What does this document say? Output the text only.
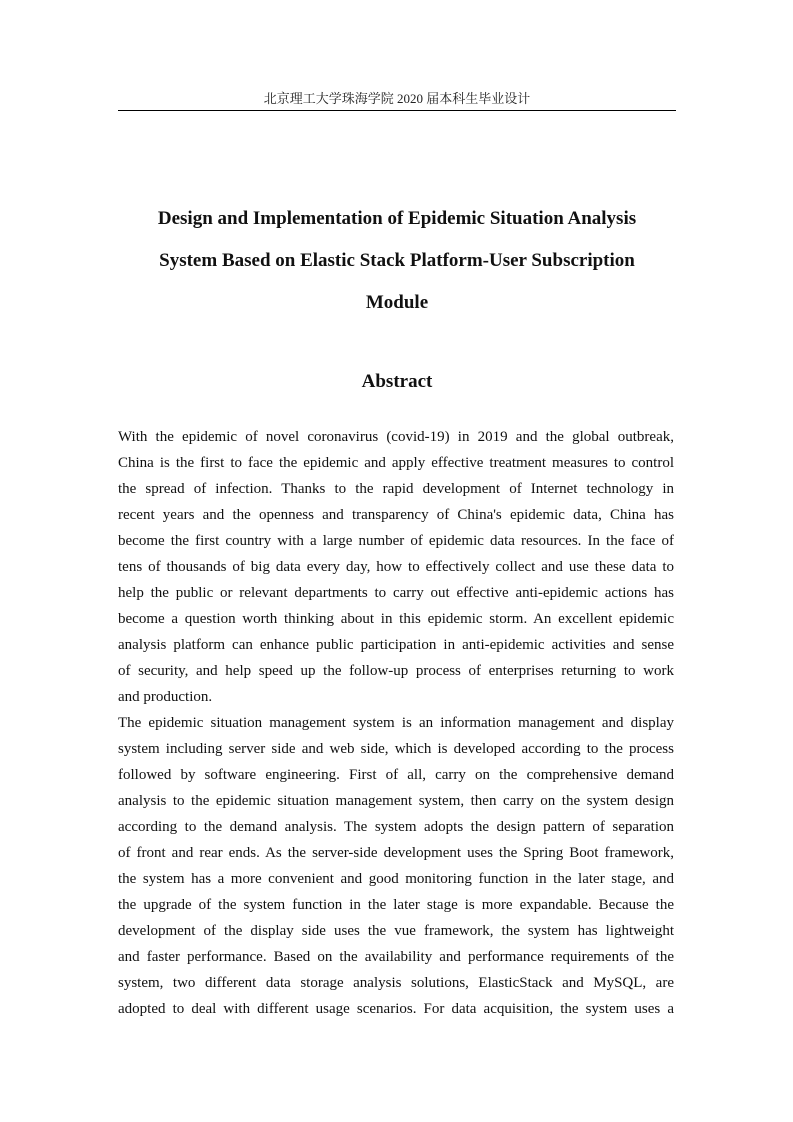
北京理工大学珠海学院 2020 届本科生毕业设计
Design and Implementation of Epidemic Situation Analysis
System Based on Elastic Stack Platform-User Subscription
Module
Abstract
With the epidemic of novel coronavirus (covid-19) in 2019 and the global outbreak,
China is the first to face the epidemic and apply effective treatment measures to control
the spread of infection. Thanks to the rapid development of Internet technology in
recent years and the openness and transparency of China's epidemic data, China has
become the first country with a large number of epidemic data resources. In the face of
tens of thousands of big data every day, how to effectively collect and use these data to
help the public or relevant departments to carry out effective anti-epidemic actions has
become a question worth thinking about in this epidemic storm. An excellent epidemic
analysis platform can enhance public participation in anti-epidemic activities and sense
of security, and help speed up the follow-up process of enterprises returning to work
and production.
The epidemic situation management system is an information management and display
system including server side and web side, which is developed according to the process
followed by software engineering. First of all, carry on the comprehensive demand
analysis to the epidemic situation management system, then carry on the system design
according to the demand analysis. The system adopts the design pattern of separation
of front and rear ends. As the server-side development uses the Spring Boot framework,
the system has a more convenient and good monitoring function in the later stage, and
the upgrade of the system function in the later stage is more expandable. Because the
development of the display side uses the vue framework, the system has lightweight
and faster performance. Based on the availability and performance requirements of the
system, two different data storage analysis solutions, ElasticStack and MySQL, are
adopted to deal with different usage scenarios. For data acquisition, the system uses a
